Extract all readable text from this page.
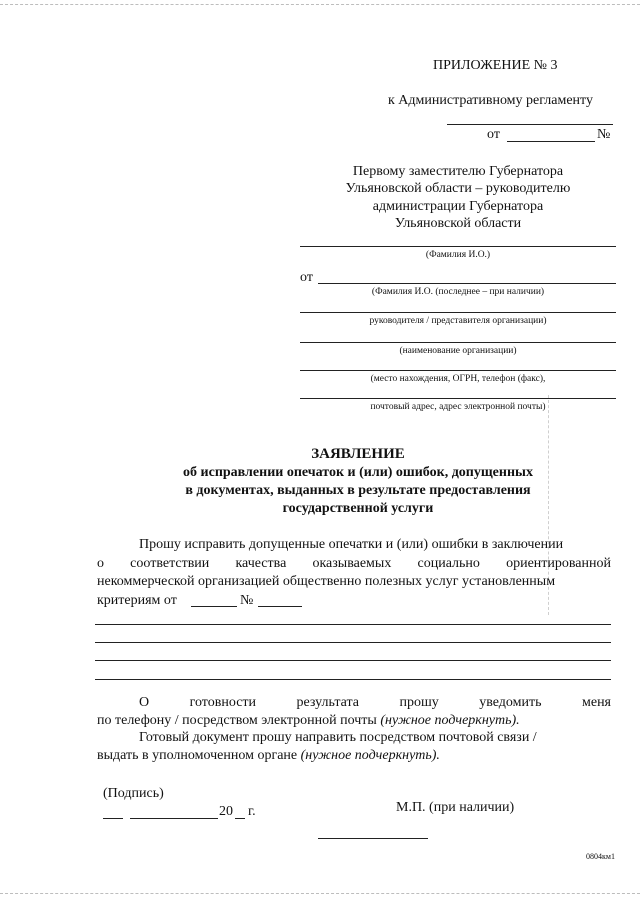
ПРИЛОЖЕНИЕ № 3
к Административному регламенту
от	№
Первому заместителю Губернатора
Ульяновской области – руководителю
администрации Губернатора
Ульяновской области
(Фамилия И.О.)
от
(Фамилия И.О. (последнее – при наличии)
руководителя / представителя организации)
(наименование организации)
(место нахождения, ОГРН, телефон (факс),
почтовый адрес, адрес электронной почты)
ЗАЯВЛЕНИЕ
об исправлении опечаток и (или) ошибок, допущенных
в документах, выданных в результате предоставления
государственной услуги
Прошу исправить допущенные опечатки и (или) ошибки в заключении
о соответствии качества оказываемых социально ориентированной
некоммерческой организацией общественно полезных услуг установленным
критериям от	№
О готовности результата прошу уведомить меня
по телефону / посредством электронной почты (нужное подчеркнуть).
Готовый документ прошу направить посредством почтовой связи /
выдать в уполномоченном органе (нужное подчеркнуть).
(Подпись)
20 г.	М.П. (при наличии)
0804км1
